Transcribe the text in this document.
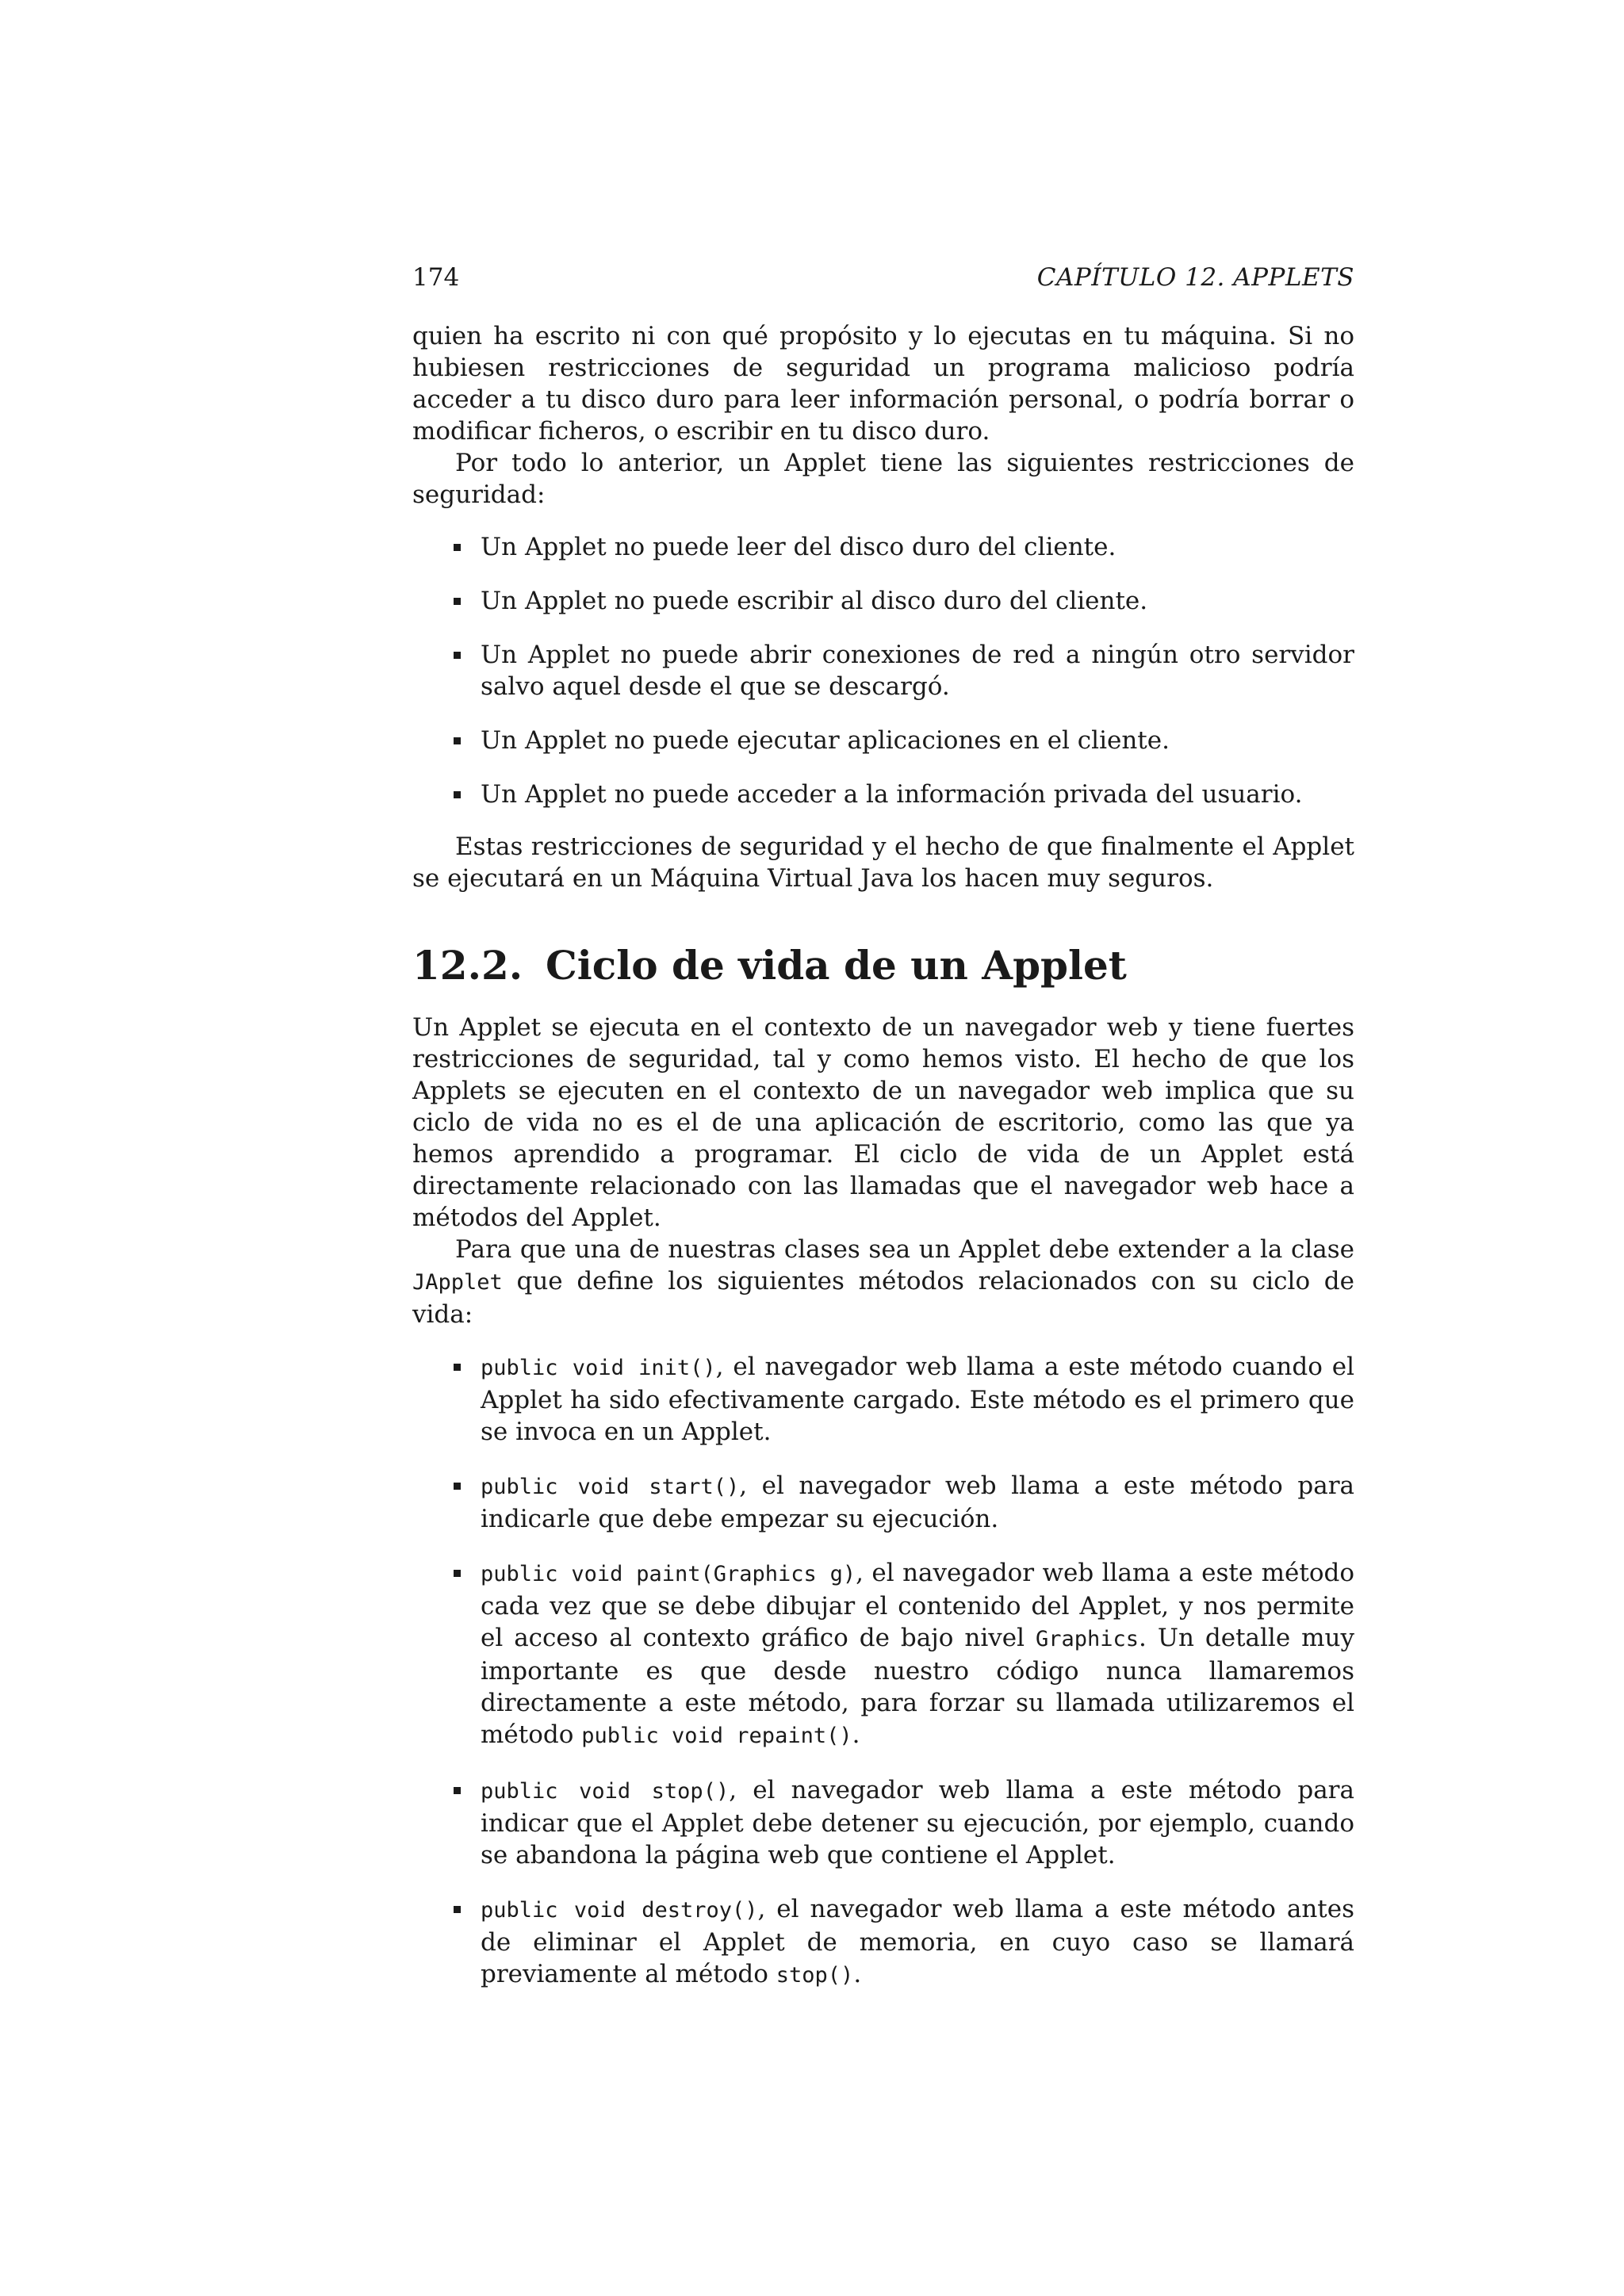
174	CAPÍTULO 12. APPLETS

quien ha escrito ni con qué propósito y lo ejecutas en tu máquina. Si no hubiesen restricciones de seguridad un programa malicioso podría acceder a tu disco duro para leer información personal, o podría borrar o modificar ficheros, o escribir en tu disco duro.

Por todo lo anterior, un Applet tiene las siguientes restricciones de seguridad:

Un Applet no puede leer del disco duro del cliente.
Un Applet no puede escribir al disco duro del cliente.
Un Applet no puede abrir conexiones de red a ningún otro servidor salvo aquel desde el que se descargó.
Un Applet no puede ejecutar aplicaciones en el cliente.
Un Applet no puede acceder a la información privada del usuario.

Estas restricciones de seguridad y el hecho de que finalmente el Applet se ejecutará en un Máquina Virtual Java los hacen muy seguros.

12.2. Ciclo de vida de un Applet

Un Applet se ejecuta en el contexto de un navegador web y tiene fuertes restricciones de seguridad, tal y como hemos visto. El hecho de que los Applets se ejecuten en el contexto de un navegador web implica que su ciclo de vida no es el de una aplicación de escritorio, como las que ya hemos aprendido a programar. El ciclo de vida de un Applet está directamente relacionado con las llamadas que el navegador web hace a métodos del Applet.

Para que una de nuestras clases sea un Applet debe extender a la clase JApplet que define los siguientes métodos relacionados con su ciclo de vida:

public void init(), el navegador web llama a este método cuando el Applet ha sido efectivamente cargado. Este método es el primero que se invoca en un Applet.
public void start(), el navegador web llama a este método para indicarle que debe empezar su ejecución.
public void paint(Graphics g), el navegador web llama a este método cada vez que se debe dibujar el contenido del Applet, y nos permite el acceso al contexto gráfico de bajo nivel Graphics. Un detalle muy importante es que desde nuestro código nunca llamaremos directamente a este método, para forzar su llamada utilizaremos el método public void repaint().
public void stop(), el navegador web llama a este método para indicar que el Applet debe detener su ejecución, por ejemplo, cuando se abandona la página web que contiene el Applet.
public void destroy(), el navegador web llama a este método antes de eliminar el Applet de memoria, en cuyo caso se llamará previamente al método stop().
